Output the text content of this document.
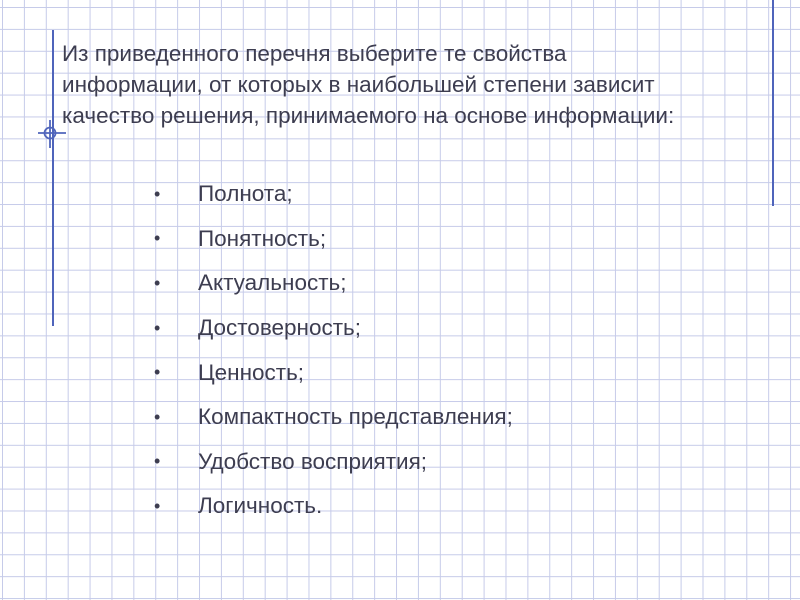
Из приведенного перечня выберите те свойства информации, от которых в наибольшей степени зависит качество решения, принимаемого на основе информации:

•	Полнота;
•	Понятность;
•	Актуальность;
•	Достоверность;
•	Ценность;
•	Компактность представления;
•	Удобство восприятия;
•	Логичность.
